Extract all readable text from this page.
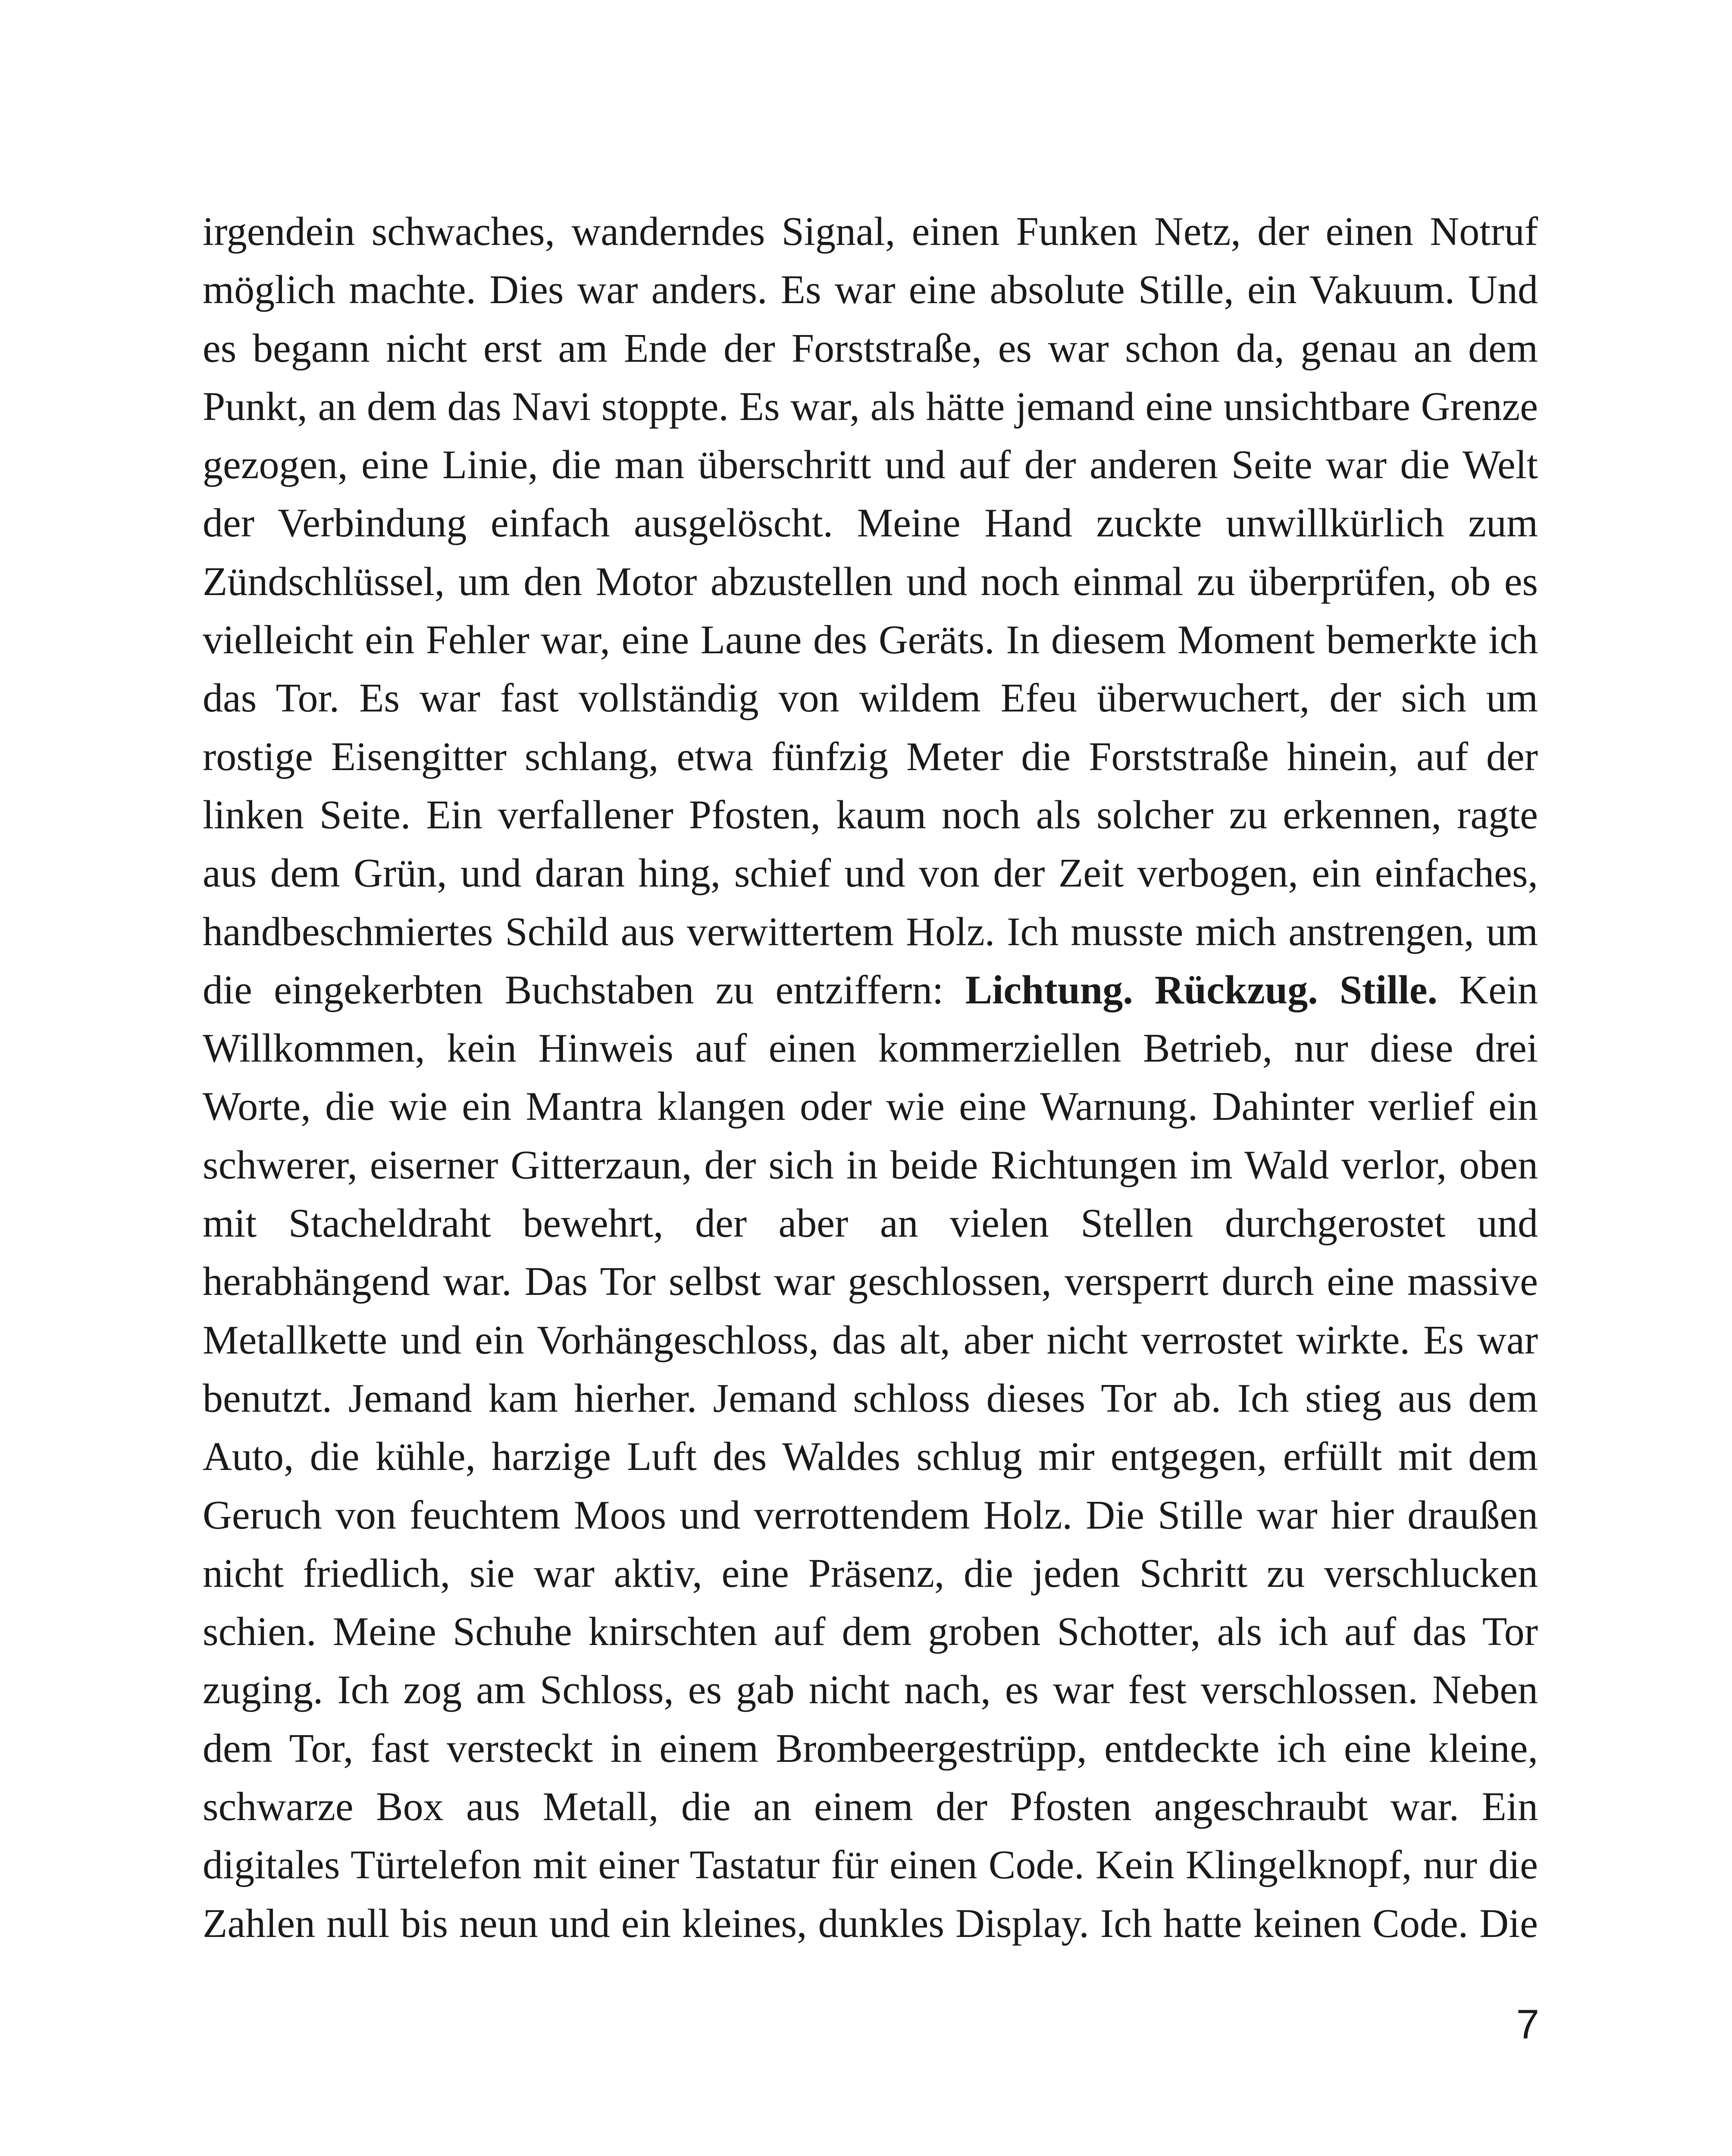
irgendein schwaches, wanderndes Signal, einen Funken Netz, der einen Notruf
möglich machte. Dies war anders. Es war eine absolute Stille, ein Vakuum. Und
es begann nicht erst am Ende der Forststraße, es war schon da, genau an dem
Punkt, an dem das Navi stoppte. Es war, als hätte jemand eine unsichtbare Grenze
gezogen, eine Linie, die man überschritt und auf der anderen Seite war die Welt
der Verbindung einfach ausgelöscht. Meine Hand zuckte unwillkürlich zum
Zündschlüssel, um den Motor abzustellen und noch einmal zu überprüfen, ob es
vielleicht ein Fehler war, eine Laune des Geräts. In diesem Moment bemerkte ich
das Tor. Es war fast vollständig von wildem Efeu überwuchert, der sich um
rostige Eisengitter schlang, etwa fünfzig Meter die Forststraße hinein, auf der
linken Seite. Ein verfallener Pfosten, kaum noch als solcher zu erkennen, ragte
aus dem Grün, und daran hing, schief und von der Zeit verbogen, ein einfaches,
handbeschmiertes Schild aus verwittertem Holz. Ich musste mich anstrengen, um
die eingekerbten Buchstaben zu entziffern: Lichtung. Rückzug. Stille. Kein
Willkommen, kein Hinweis auf einen kommerziellen Betrieb, nur diese drei
Worte, die wie ein Mantra klangen oder wie eine Warnung. Dahinter verlief ein
schwerer, eiserner Gitterzaun, der sich in beide Richtungen im Wald verlor, oben
mit Stacheldraht bewehrt, der aber an vielen Stellen durchgerostet und
herabhängend war. Das Tor selbst war geschlossen, versperrt durch eine massive
Metallkette und ein Vorhängeschloss, das alt, aber nicht verrostet wirkte. Es war
benutzt. Jemand kam hierher. Jemand schloss dieses Tor ab. Ich stieg aus dem
Auto, die kühle, harzige Luft des Waldes schlug mir entgegen, erfüllt mit dem
Geruch von feuchtem Moos und verrottendem Holz. Die Stille war hier draußen
nicht friedlich, sie war aktiv, eine Präsenz, die jeden Schritt zu verschlucken
schien. Meine Schuhe knirschten auf dem groben Schotter, als ich auf das Tor
zuging. Ich zog am Schloss, es gab nicht nach, es war fest verschlossen. Neben
dem Tor, fast versteckt in einem Brombeergestrüpp, entdeckte ich eine kleine,
schwarze Box aus Metall, die an einem der Pfosten angeschraubt war. Ein
digitales Türtelefon mit einer Tastatur für einen Code. Kein Klingelknopf, nur die
Zahlen null bis neun und ein kleines, dunkles Display. Ich hatte keinen Code. Die
7
